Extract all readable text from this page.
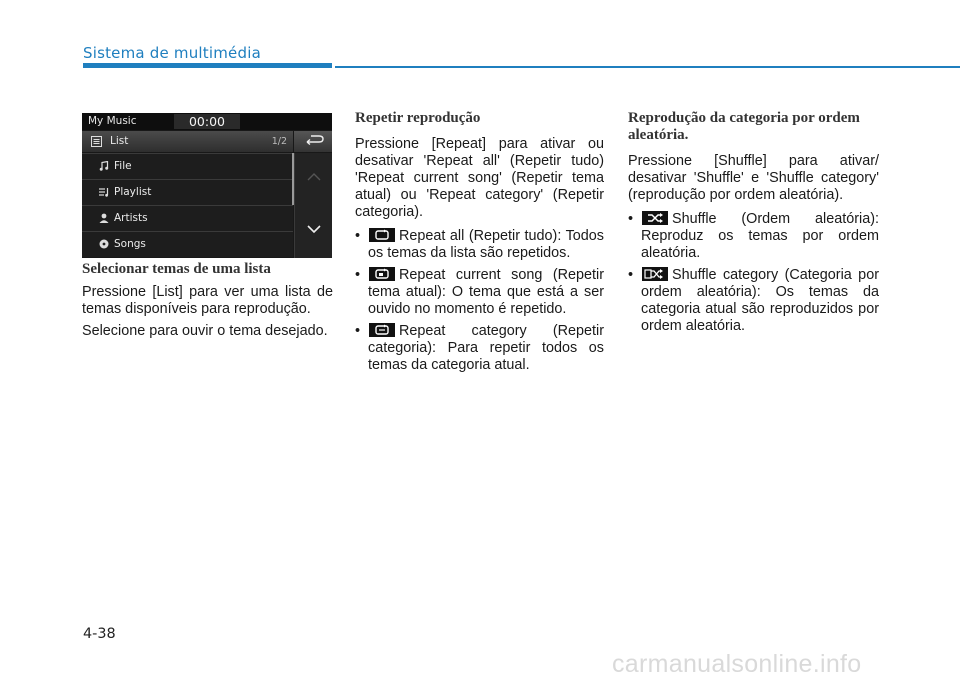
Sistema de multimédia
My Music	00:00
List	1/2
File
Playlist
Artists
Songs
Selecionar temas de uma lista

Pressione [List] para ver uma lista de temas disponíveis para reprodução.

Selecione para ouvir o tema desejado.

Repetir reprodução

Pressione [Repeat] para ativar ou desativar 'Repeat all' (Repetir tudo) 'Repeat current song' (Repetir tema atual) ou 'Repeat category' (Repetir categoria).

•	Repeat all (Repetir tudo): Todos os temas da lista são repetidos.
•	Repeat current song (Repetir tema atual): O tema que está a ser ouvido no momento é repetido.
•	Repeat category (Repetir categoria): Para repetir todos os temas da categoria atual.
Reprodução da categoria por ordem aleatória.

Pressione [Shuffle] para ativar/ desativar 'Shuffle' e 'Shuffle category' (reprodução por ordem aleatória).

•	Shuffle (Ordem aleatória): Reproduz os temas por ordem aleatória.
•	Shuffle category (Categoria por ordem aleatória): Os temas da categoria atual são reproduzidos por ordem aleatória.
4-38
carmanualsonline.info
